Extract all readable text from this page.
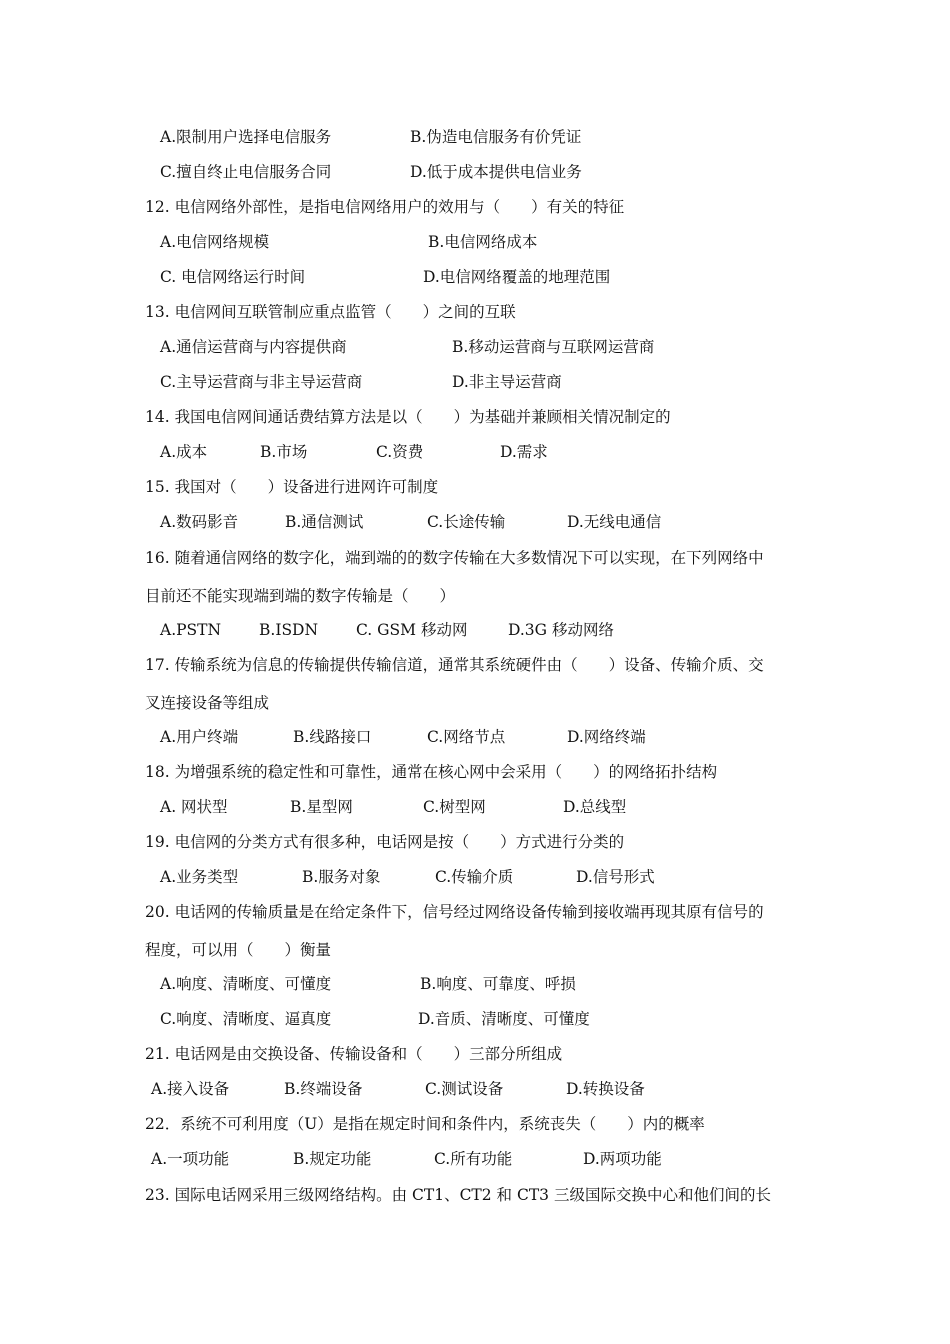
A.限制用户选择电信服务	B.伪造电信服务有价凭证
C.擅自终止电信服务合同	D.低于成本提供电信业务
12. 电信网络外部性，是指电信网络用户的效用与（　　）有关的特征
A.电信网络规模	B.电信网络成本
C. 电信网络运行时间	D.电信网络覆盖的地理范围
13. 电信网间互联管制应重点监管（　　）之间的互联
A.通信运营商与内容提供商	B.移动运营商与互联网运营商
C.主导运营商与非主导运营商	D.非主导运营商
14. 我国电信网间通话费结算方法是以（　　）为基础并兼顾相关情况制定的
A.成本	B.市场	C.资费	D.需求
15. 我国对（　　）设备进行进网许可制度
A.数码影音	B.通信测试	C.长途传输	D.无线电通信
16. 随着通信网络的数字化，端到端的的数字传输在大多数情况下可以实现，在下列网络中
目前还不能实现端到端的数字传输是（　　）
A.PSTN B.ISDN C. GSM 移动网	D.3G 移动网络
17. 传输系统为信息的传输提供传输信道，通常其系统硬件由（　　）设备、传输介质、交
叉连接设备等组成
A.用户终端	B.线路接口	C.网络节点	D.网络终端
18. 为增强系统的稳定性和可靠性，通常在核心网中会采用（　　）的网络拓扑结构
A. 网状型	B.星型网	C.树型网	D.总线型
19. 电信网的分类方式有很多种，电话网是按（　　）方式进行分类的
A.业务类型	B.服务对象	C.传输介质	D.信号形式
20. 电话网的传输质量是在给定条件下，信号经过网络设备传输到接收端再现其原有信号的
程度，可以用（　　）衡量
A.响度、清晰度、可懂度	B.响度、可靠度、呼损
C.响度、清晰度、逼真度	D.音质、清晰度、可懂度
21. 电话网是由交换设备、传输设备和（　　）三部分所组成
A.接入设备	B.终端设备	C.测试设备	D.转换设备
22．系统不可利用度（U）是指在规定时间和条件内，系统丧失（　　）内的概率
A.一项功能	B.规定功能	C.所有功能	D.两项功能
23. 国际电话网采用三级网络结构。由 CT1、CT2 和 CT3 三级国际交换中心和他们间的长
